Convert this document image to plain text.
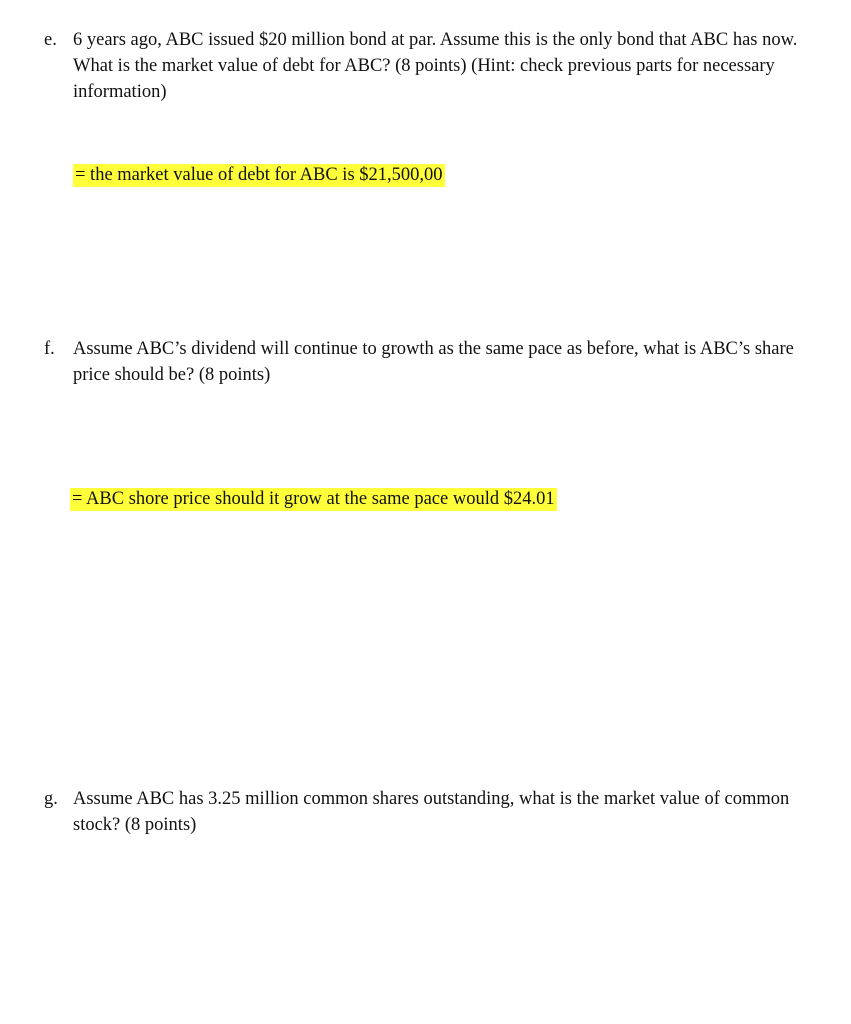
e. 6 years ago, ABC issued $20 million bond at par. Assume this is the only bond that ABC has now. What is the market value of debt for ABC? (8 points) (Hint: check previous parts for necessary information)
= the market value of debt for ABC is $21,500,00
f. Assume ABC’s dividend will continue to growth as the same pace as before, what is ABC’s share price should be? (8 points)
= ABC shore price should it grow at the same pace would $24.01
g. Assume ABC has 3.25 million common shares outstanding, what is the market value of common stock? (8 points)
